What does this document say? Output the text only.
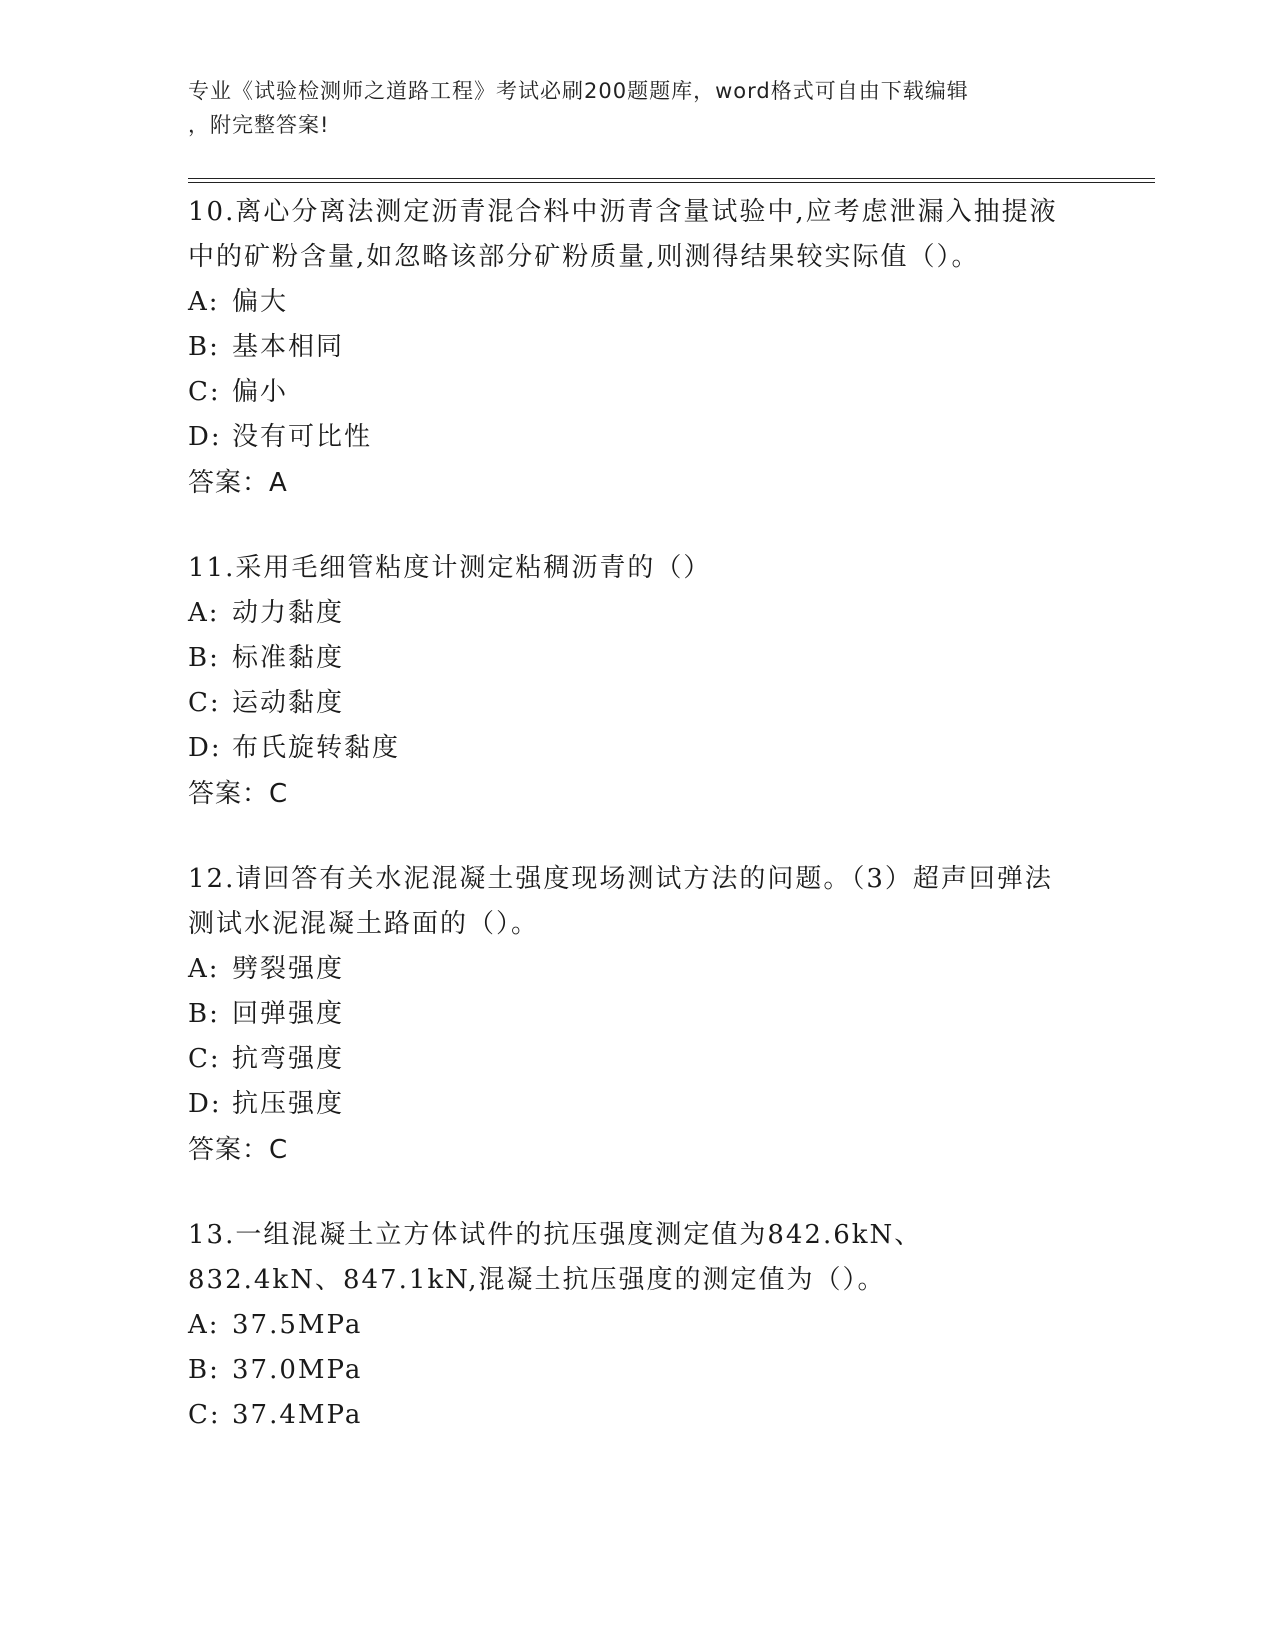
专业《试验检测师之道路工程》考试必刷200题题库，word格式可自由下载编辑
，附完整答案!
10.离心分离法测定沥青混合料中沥青含量试验中,应考虑泄漏入抽提液中的矿粉含量,如忽略该部分矿粉质量,则测得结果较实际值（）。
A: 偏大
B: 基本相同
C: 偏小
D: 没有可比性
答案：A
11.采用毛细管粘度计测定粘稠沥青的（）
A: 动力黏度
B: 标准黏度
C: 运动黏度
D: 布氏旋转黏度
答案：C
12.请回答有关水泥混凝土强度现场测试方法的问题。（3）超声回弹法测试水泥混凝土路面的（）。
A: 劈裂强度
B: 回弹强度
C: 抗弯强度
D: 抗压强度
答案：C
13.一组混凝土立方体试件的抗压强度测定值为842.6kN、832.4kN、847.1kN,混凝土抗压强度的测定值为（）。
A: 37.5MPa
B: 37.0MPa
C: 37.4MPa
